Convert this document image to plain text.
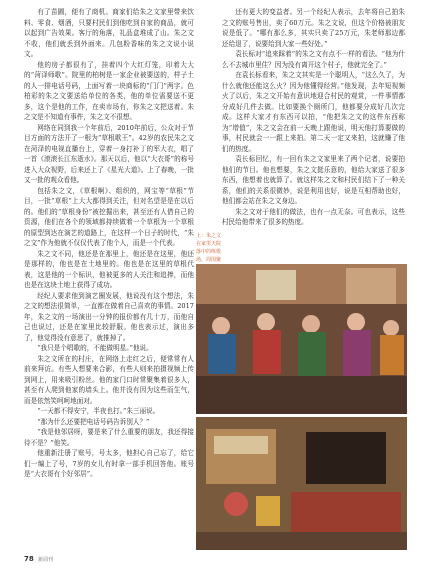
有了苗圃，便有了商机。商家们给朱之文家里带来饮料、零食、烟酒，只要村民们到他吃到自家的商品，就可以起到广告效果。客厅的角落，礼品盒堆成了山。朱之文不收，他们就丢到外面来。几包粉香味的朱之文说小说文。

他的房子都很有了，挂着四个大红灯笼，印着大大的“菏泽师歌”。院里的柏树是一家企业被要送的，样子土的人一排电话号码，上面写着一块商标的“门门”两字。色柏彩的朱之文要送给单位的各类，他的单位需要送不更多，这个是他的工作，在卖市场有，你朱之文把送着。朱之文是不知道有事件，朱之文不很想。

网络在同到我一个年前后，2010年前后，公众对于节目方面的方法开了一根为“草根歌王”。42岁的农民朱之文在菏泽的电视直播台上，穿着一身打补丁的军大衣，唱了一首《滚滚长江东逝水》。那天以后，他以“大衣哥”的称号进入大众视野，后来还上了《星光大道》。上了春晚，一批又一批的观众看他。

包括朱之文，《草根啊》、组织的，网宝等“草根”节目，一批“草根”上大大都得到关注，但对名望是是在以后的。他们的“草根身份”被挖掘出来，甚至还有人借自己的资源，他们在各个的领域都持续做着一个草根为一个草根的原型到达在演艺的道路上，在这样一个日子的时代，“朱之文”作为他就不仅仅代表了他个人，而是一个代表。

朱之文不同，他还是在那里上，他还是在这里，他还是那样的，他也是在土地里的。他也是在这里的草根代表，这是他的一个标识，他被更多的人关注和追捧，而他也是在这块土地上获得了成功。

经纪人要求他到演艺圈发展，他说没有这个想法，朱之文的想法很简单，一直都在做着自己喜欢的事情。2017年，朱之文的一场演出一分钟的报价都有几十万，而他自己也说过，还是在家里比较舒服。他也表示过，演出多了，他觉得没有意思了，就推掉了。

“我只是个唱歌的，不能做明星。”他说。

朱之文所在的村庄，在网络上走红之后，便常常有人前来拜访。有些人想要来合影，有些人则来拍摄视频上传到网上，用来吸引粉丝。他的家门口时常聚集着很多人，甚至有人爬到他家的墙头上。他并没有因为这些而生气，而是依然笑呵呵地面对。

“一天都不得安宁，半夜也打。”朱三丽说。

“那为什么还要把电话号码告诉别人？”

“我是他邻居呀，要是来了什么重要的朋友，我还得接待不是？”他笑。

他重新注册了账号，号太多，他担心自己忘了，给它们一编上了号，7岁的女儿有时拿一部手机回答他。账号是“大衣哥有个好邻居”。

还有更大的变益者。另一个经纪人表示，去年将自己拍朱之文的账号售出，卖了60万元。朱之文说，但这个价格被朋友说是低了。“哪有那么多，其实只卖了25万元，朱老师那边都还给退了，说要给到大家一些好处。”

袁长标对“追来踩着”的朱之文有点不一样的看法。“他为什么不去城市里住？因为没有离开这个村子，他就完全了。”

在袁长标看来，朱之文其实是一个聪明人，“这么久了，为什么就他还能这么火？因为他懂得经营。”他发现，去年短视频火了以后，朱之文开始有意识地迎合村民的观赏，一件事情都分成好几件去做。比如要换个厕所门，他都要分成好几次完成。这样大家才有东西可以拍，“他把朱之文的这件东西称为“增值”，朱之文会在前一天晚上跟他说，明天他打算要做的事，村民就会一一跟上来拍。第二天一定又来拍，这就赚了他们的热度。

袁长标回忆，有一回有朱之文家里来了两个记者，说要拍他们的节目。他也想要，朱之文挺乐意的，他给大家送了很多东西，他想着也就算了。就这样朱之文和村民们结下了一种关系，他们的关系很微妙，说是利用也好，说是互相帮助也好，他们都会站在朱之文身边。

朱之文对于他们的做法，也有一点无奈。可也表示，这些村民给他带来了很多的热度。

上：朱之文在家里天院落中的练歌场，周围聚
78 新周刊
